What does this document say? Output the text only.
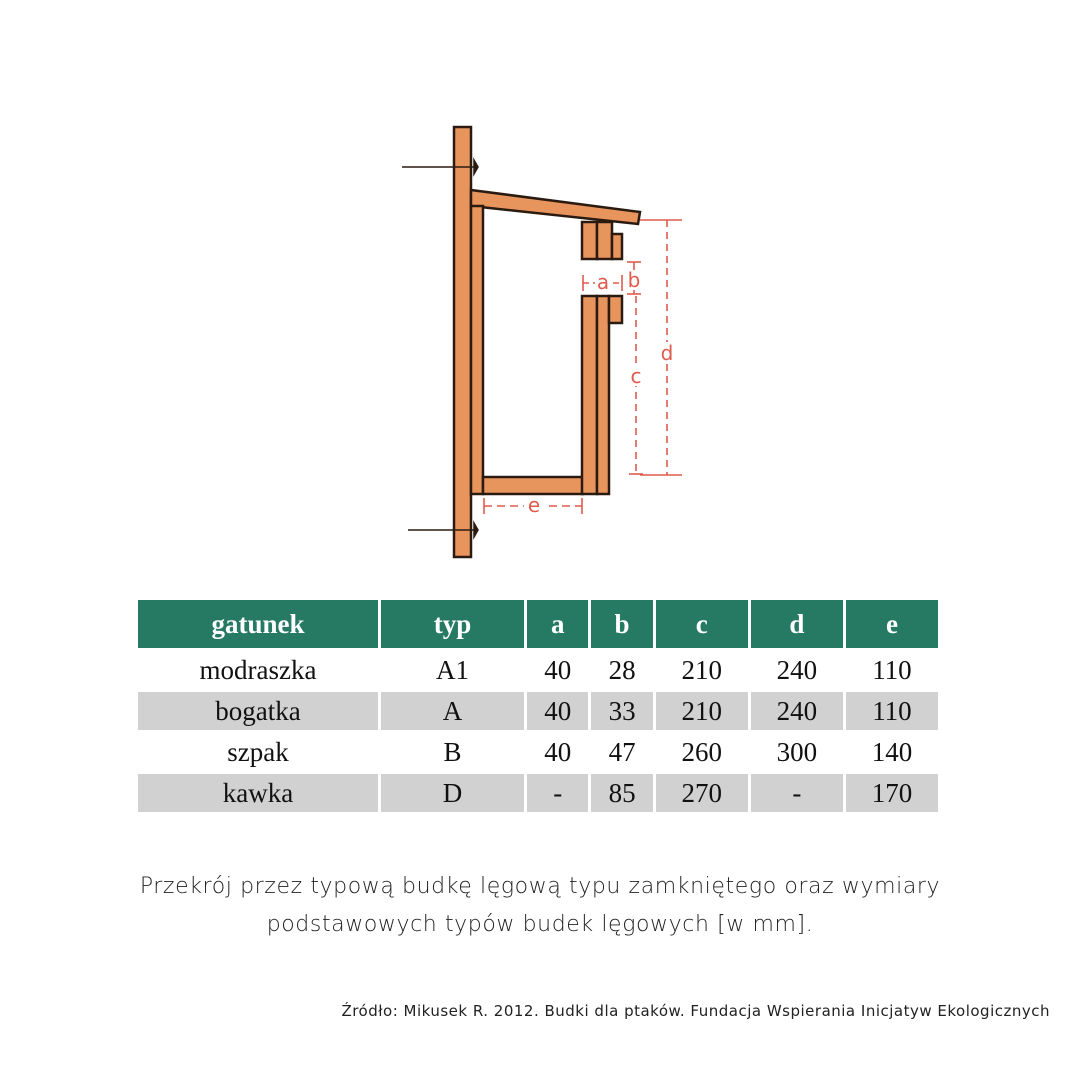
a b
c
d
e
gatunek	typ	a	b	c	d	e
modraszka	A1	40	28	210	240	110
bogatka	A	40	33	210	240	110
szpak	B	40	47	260	300	140
kawka	D	-	85	270	-	170
Przekrój przez typową budkę lęgową typu zamkniętego oraz wymiary
podstawowych typów budek lęgowych [w mm].
Źródło: Mikusek R. 2012. Budki dla ptaków. Fundacja Wspierania Inicjatyw Ekologicznych
